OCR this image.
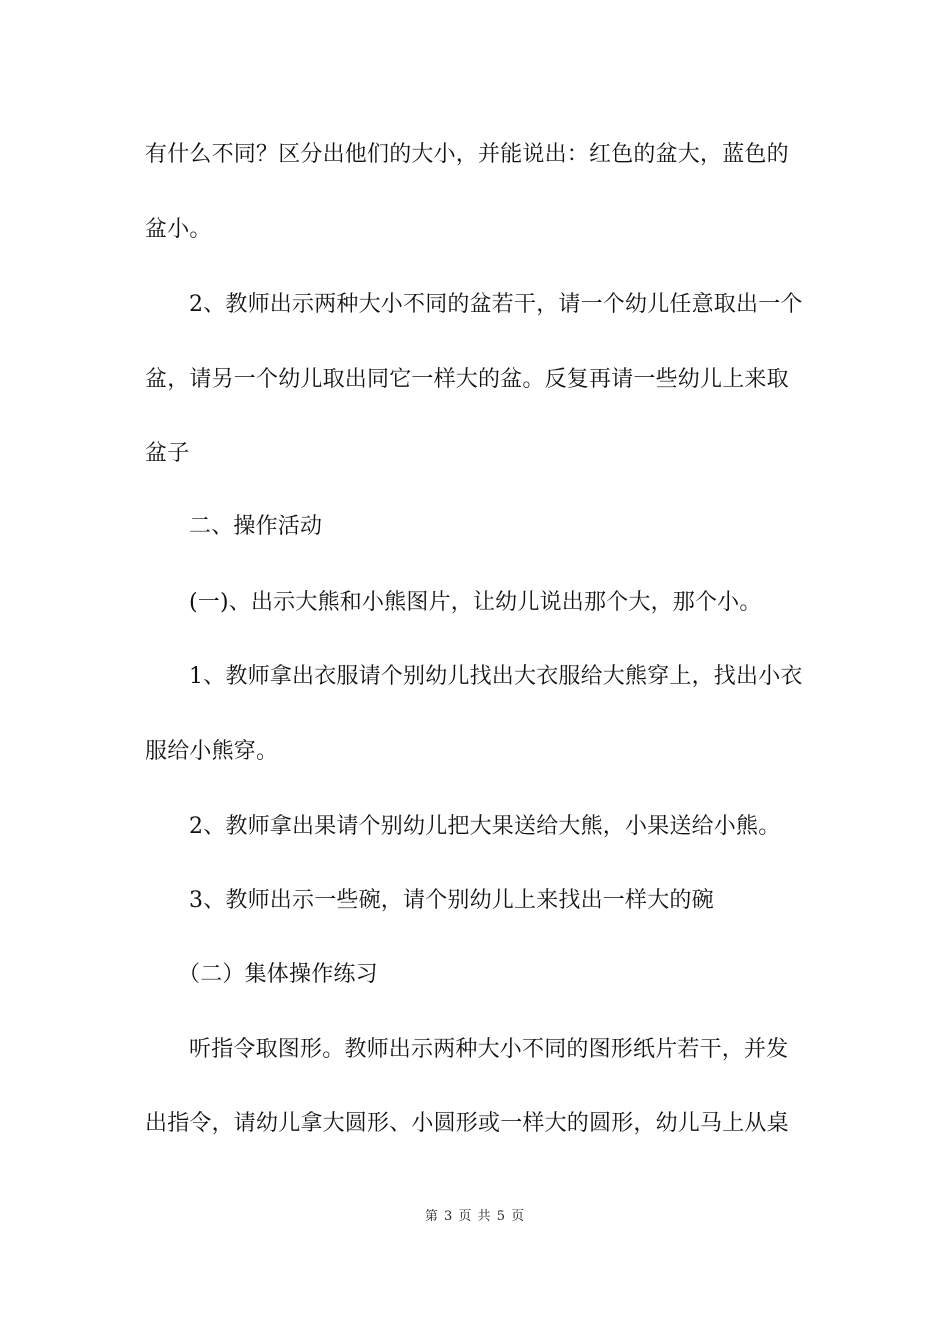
有什么不同？区分出他们的大小，并能说出：红色的盆大，蓝色的
盆小。
2、教师出示两种大小不同的盆若干，请一个幼儿任意取出一个
盆，请另一个幼儿取出同它一样大的盆。反复再请一些幼儿上来取
盆子
二、操作活动
(一)、出示大熊和小熊图片，让幼儿说出那个大，那个小。
1、教师拿出衣服请个别幼儿找出大衣服给大熊穿上，找出小衣
服给小熊穿。
2、教师拿出果请个别幼儿把大果送给大熊，小果送给小熊。
3、教师出示一些碗，请个别幼儿上来找出一样大的碗
（二）集体操作练习
听指令取图形。教师出示两种大小不同的图形纸片若干，并发
出指令，请幼儿拿大圆形、小圆形或一样大的圆形，幼儿马上从桌
第 3 页 共 5 页
